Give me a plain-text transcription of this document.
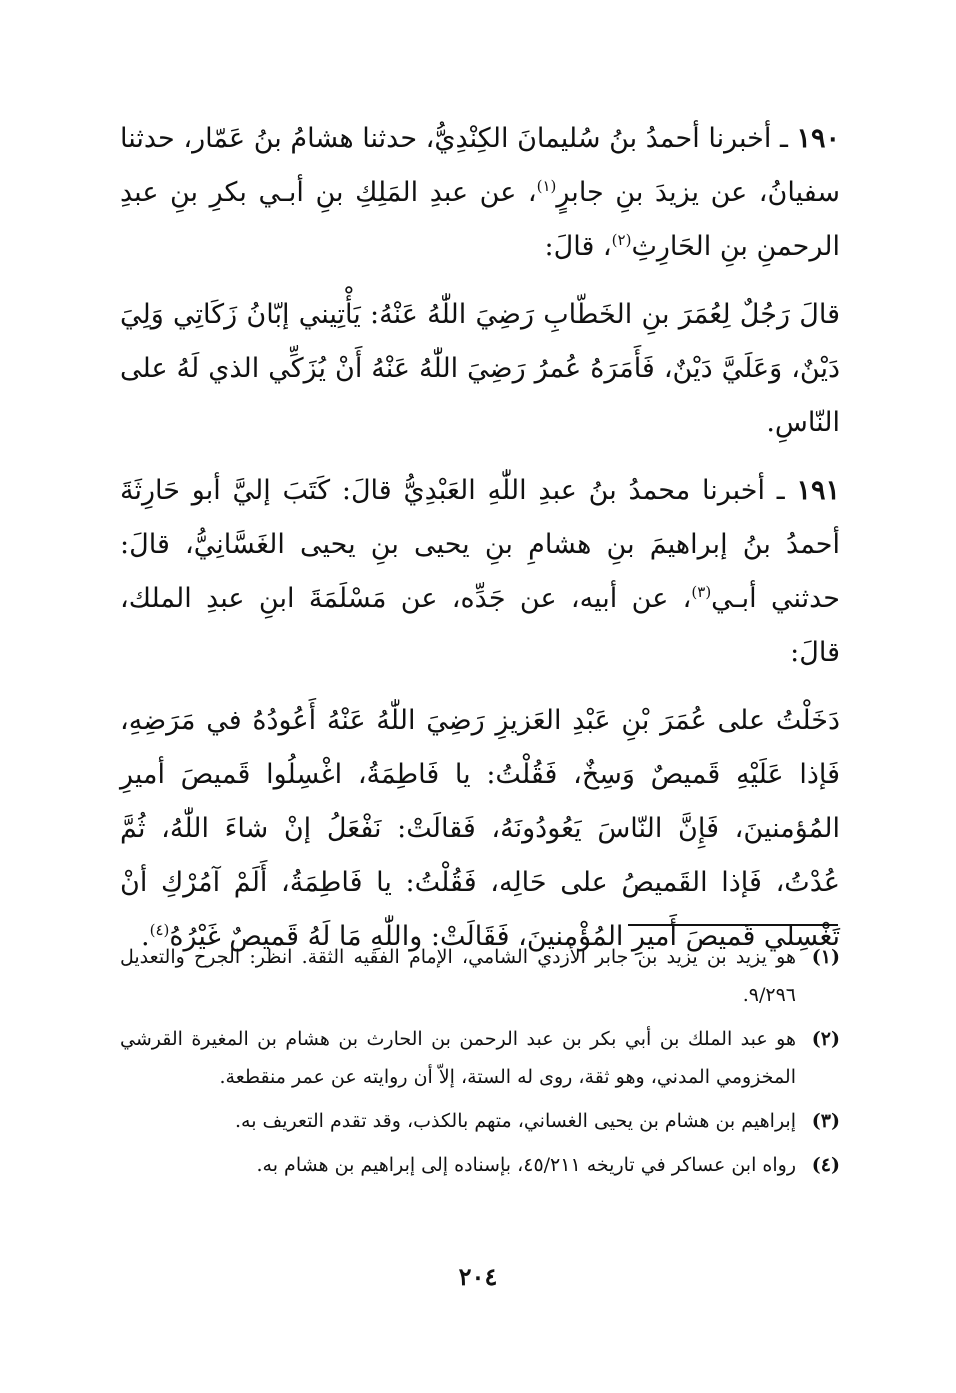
١٩٠ ـ أخبرنا أحمدُ بنُ سُليمانَ الكِنْدِيُّ، حدثنا هشامُ بنُ عَمّار، حدثنا سفيانُ، عن يزيدَ بنِ جابرٍ$^{(١)}$، عن عبدِ المَلِكِ بنِ أبـي بكرِ بنِ عبدِ الرحمنِ بنِ الحَارِثِ$^{(٢)}$، قالَ:

قالَ رَجُلٌ لِعُمَرَ بنِ الخَطّابِ رَضِيَ اللّٰهُ عَنْهُ: يَأْتِيني إبّانُ زَكَاتِي وَلِيَ دَيْنٌ، وَعَلَيَّ دَيْنٌ، فَأَمَرَهُ عُمرُ رَضِيَ اللّٰهُ عَنْهُ أَنْ يُزَكِّي الذي لَهُ على النّاسِ.

١٩١ ـ أخبرنا محمدُ بنُ عبدِ اللّٰهِ العَبْدِيُّ قالَ: كَتَبَ إليَّ أبو حَارِثَةَ أحمدُ بنُ إبراهيمَ بنِ هشامِ بنِ يحيى بنِ يحيى الغَسَّانِيُّ، قالَ: حدثني أبـي$^{(٣)}$، عن أبيه، عن جَدِّه، عن مَسْلَمَةَ ابنِ عبدِ الملك، قالَ:

دَخَلْتُ على عُمَرَ بْنِ عَبْدِ العَزيزِ رَضِيَ اللّٰهُ عَنْهُ أَعُودُهُ في مَرَضِهِ، فَإذا عَلَيْهِ قَميصٌ وَسِخٌ، فَقُلْتُ: يا فَاطِمَةُ، اغْسِلُوا قَميصَ أميرِ المُؤمنينَ، فَإِنَّ النّاسَ يَعُودُونَهُ، فَقالَتْ: نَفْعَلُ إنْ شاءَ اللّٰهُ، ثُمَّ عُدْتُ، فَإذا القَميصُ على حَالِه، فَقُلْتُ: يا فَاطِمَةُ، أَلَمْ آمُرْكِ أنْ تَغْسِلي قَميصَ أَميرِ المُؤْمنينَ، فَقَالَتْ: واللّٰهِ مَا لَهُ قَميصٌ غَيْرُهُ$^{(٤)}$.

(١)
هو يزيد بن يزيد بن جابر الأزدي الشامي، الإمام الفقيه الثقة. انظر: الجرح والتعديل ٩/٢٩٦.
(٢)
هو عبد الملك بن أبي بكر بن عبد الرحمن بن الحارث بن هشام بن المغيرة القرشي المخزومي المدني، وهو ثقة، روى له الستة، إلاّ أن روايته عن عمر منقطعة.
(٣)
إبراهيم بن هشام بن يحيى الغساني، متهم بالكذب، وقد تقدم التعريف به.
(٤)
رواه ابن عساكر في تاريخه ٤٥/٢١١، بإسناده إلى إبراهيم بن هشام به.
٢٠٤
